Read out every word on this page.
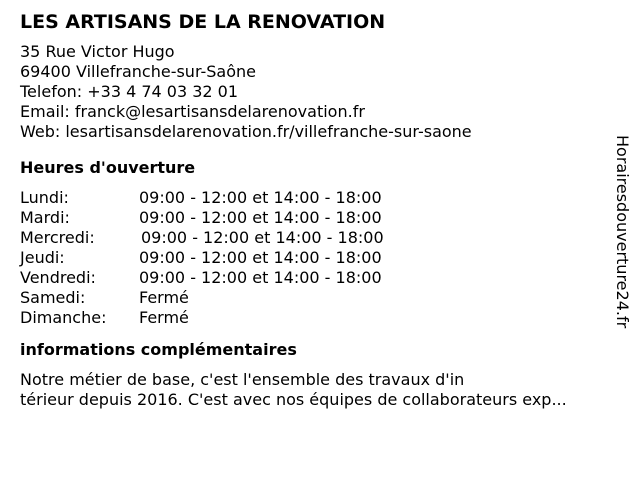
LES ARTISANS DE LA RENOVATION
35 Rue Victor Hugo
69400 Villefranche-sur-Saône
Telefon: +33 4 74 03 32 01
Email: franck@lesartisansdelarenovation.fr
Web: lesartisansdelarenovation.fr/villefranche-sur-saone
Heures d'ouverture
Lundi:	09:00 - 12:00 et 14:00 - 18:00
Mardi:	09:00 - 12:00 et 14:00 - 18:00
Mercredi:	09:00 - 12:00 et 14:00 - 18:00
Jeudi:	09:00 - 12:00 et 14:00 - 18:00
Vendredi:	09:00 - 12:00 et 14:00 - 18:00
Samedi:	Fermé
Dimanche:	Fermé
informations complémentaires
Notre métier de base, c'est l'ensemble des travaux d'in
térieur depuis 2016. C'est avec nos équipes de collaborateurs exp...
Horairesdouverture24.fr
